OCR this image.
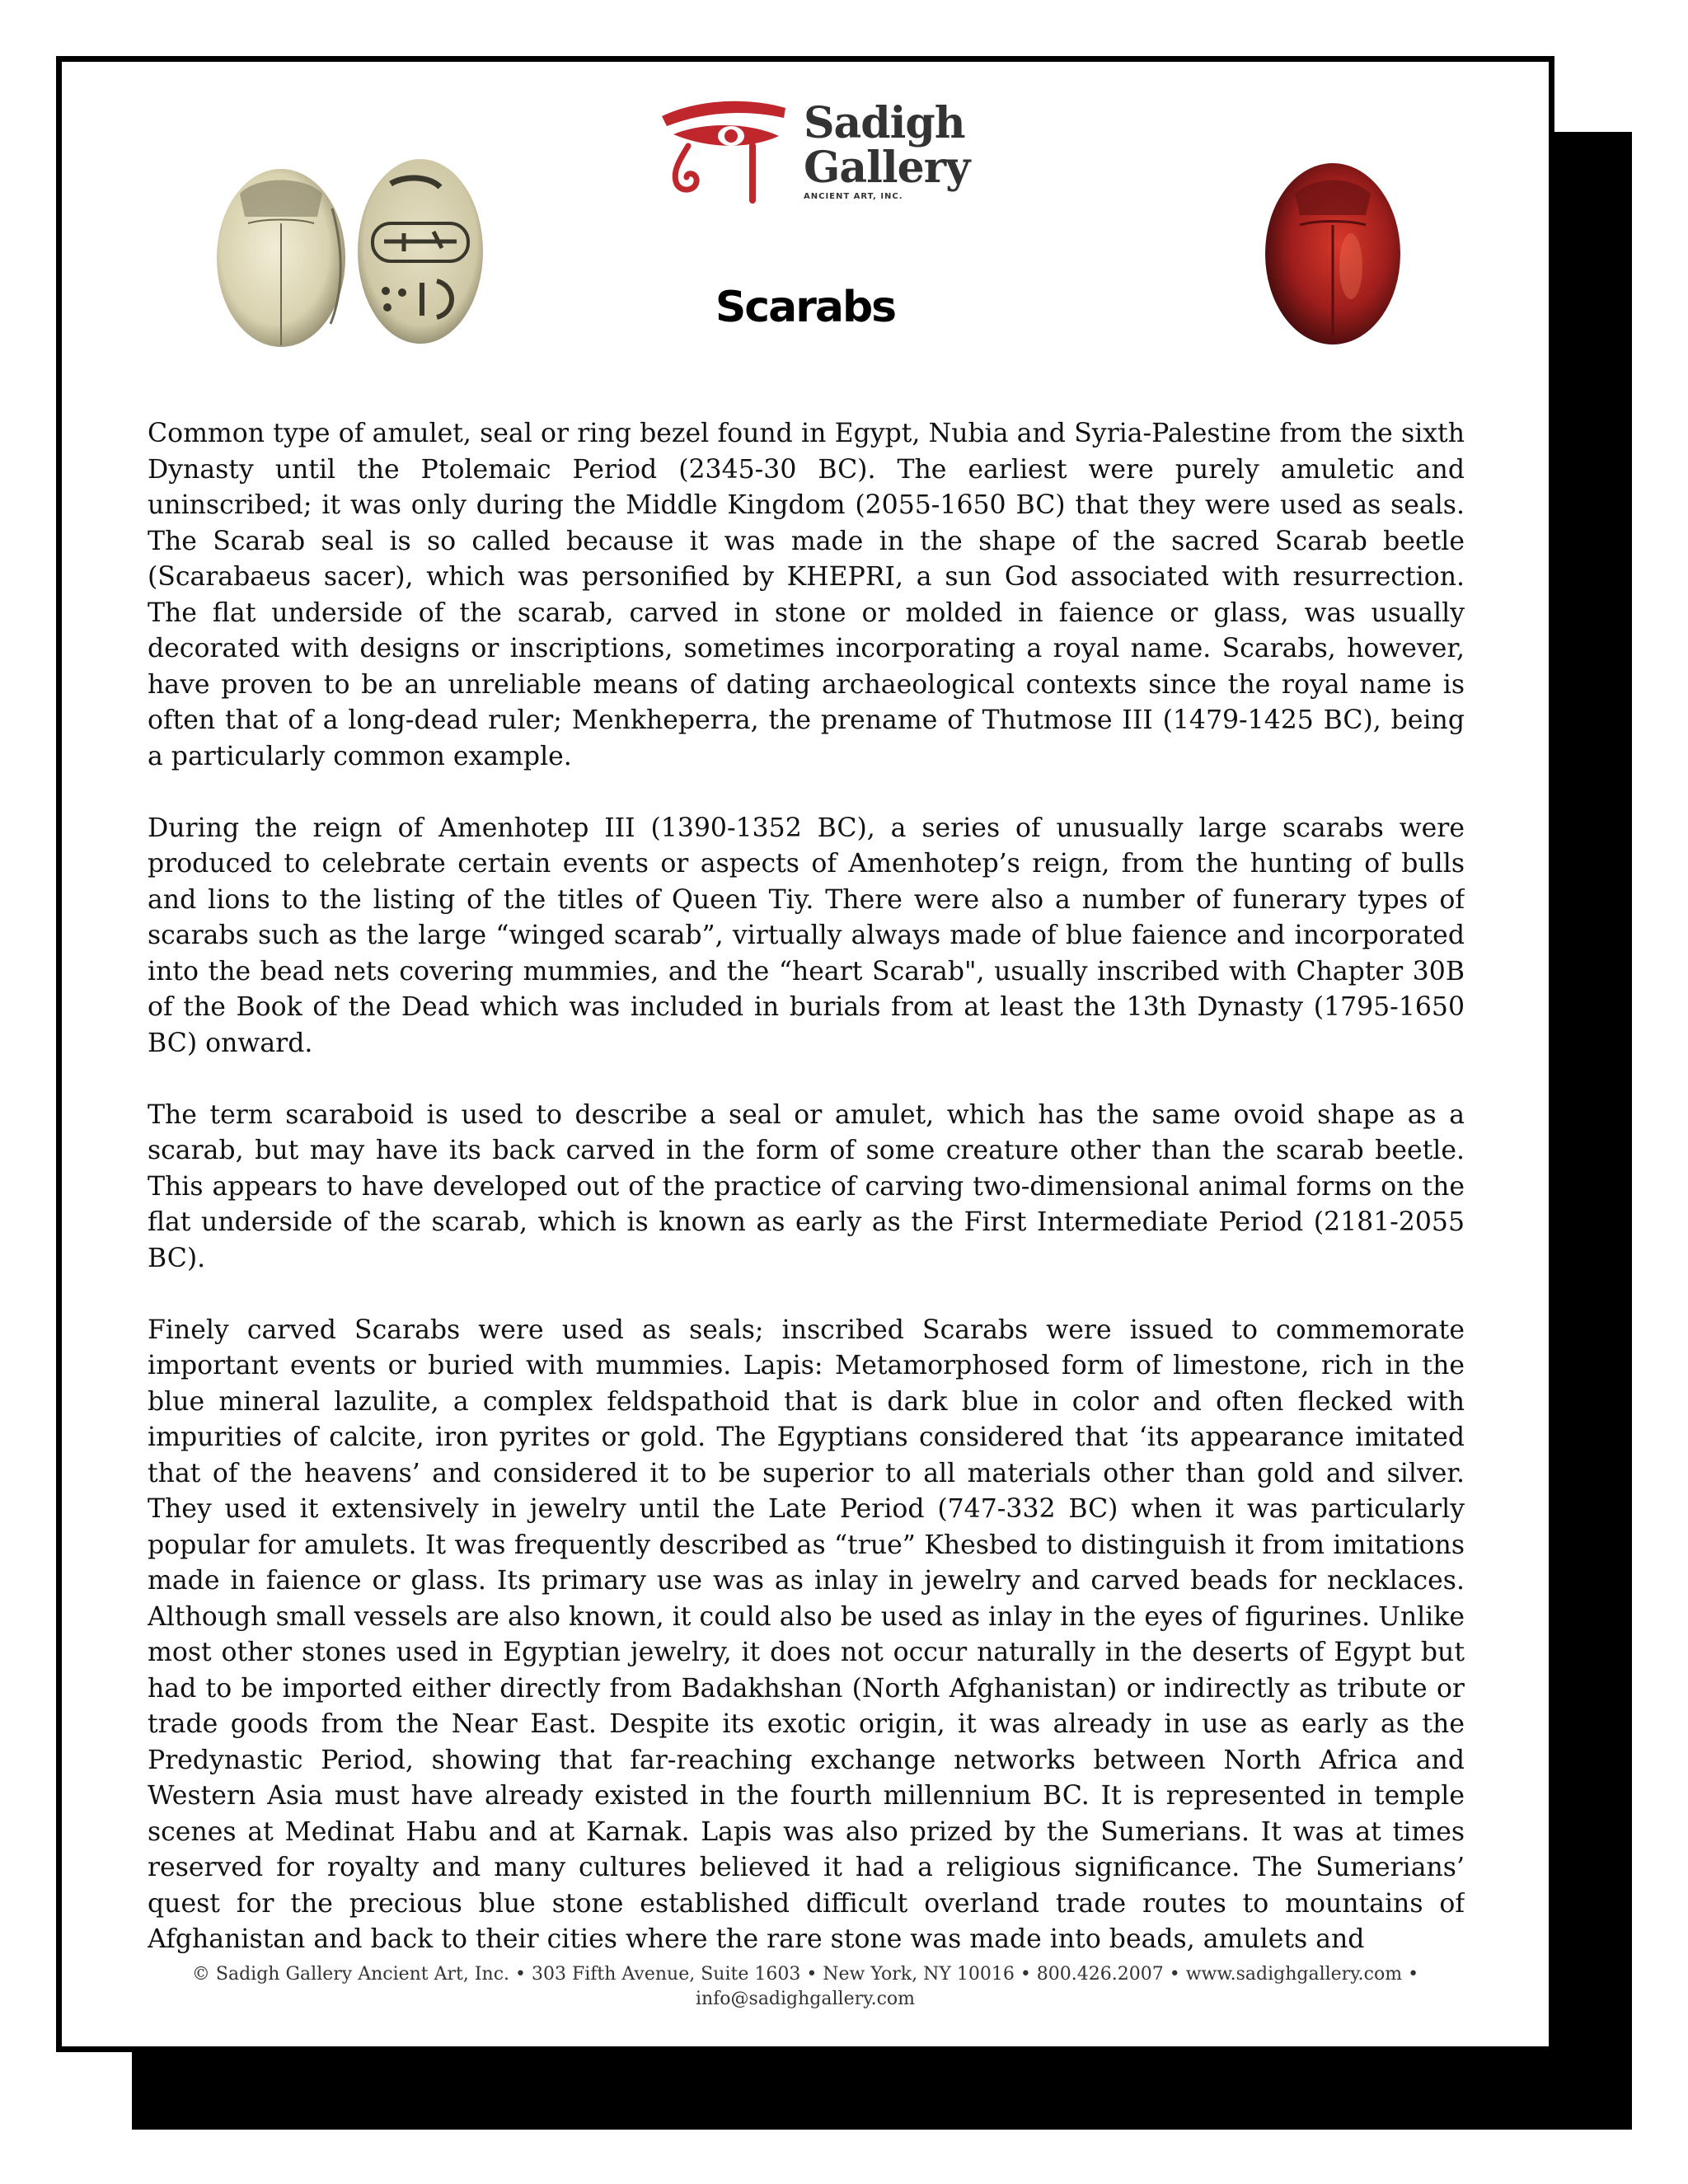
Sadigh
Gallery
ANCIENT ART, INC.
Scarabs

Common type of amulet, seal or ring bezel found in Egypt, Nubia and Syria-Palestine from the sixth Dynasty until the Ptolemaic Period (2345-30 BC). The earliest were purely amuletic and uninscribed; it was only during the Middle Kingdom (2055-1650 BC) that they were used as seals. The Scarab seal is so called because it was made in the shape of the sacred Scarab beetle (Scarabaeus sacer), which was personified by KHEPRI, a sun God associated with resurrection. The flat underside of the scarab, carved in stone or molded in faience or glass, was usually decorated with designs or inscriptions, sometimes incorporating a royal name. Scarabs, however, have proven to be an unreliable means of dating archaeological contexts since the royal name is often that of a long-dead ruler; Menkheperra, the prename of Thutmose III (1479-1425 BC), being a particularly common example.

During the reign of Amenhotep III (1390-1352 BC), a series of unusually large scarabs were produced to celebrate certain events or aspects of Amenhotep’s reign, from the hunting of bulls and lions to the listing of the titles of Queen Tiy. There were also a number of funerary types of scarabs such as the large “winged scarab”, virtually always made of blue faience and incorporated into the bead nets covering mummies, and the “heart Scarab", usually inscribed with Chapter 30B of the Book of the Dead which was included in burials from at least the 13th Dynasty (1795-1650 BC) onward.

The term scaraboid is used to describe a seal or amulet, which has the same ovoid shape as a scarab, but may have its back carved in the form of some creature other than the scarab beetle. This appears to have developed out of the practice of carving two-dimensional animal forms on the flat underside of the scarab, which is known as early as the First Intermediate Period (2181-2055 BC).

Finely carved Scarabs were used as seals; inscribed Scarabs were issued to commemorate important events or buried with mummies. Lapis: Metamorphosed form of limestone, rich in the blue mineral lazulite, a complex feldspathoid that is dark blue in color and often flecked with impurities of calcite, iron pyrites or gold. The Egyptians considered that ‘its appearance imitated that of the heavens’ and considered it to be superior to all materials other than gold and silver. They used it extensively in jewelry until the Late Period (747-332 BC) when it was particularly popular for amulets. It was frequently described as “true” Khesbed to distinguish it from imitations made in faience or glass. Its primary use was as inlay in jewelry and carved beads for necklaces. Although small vessels are also known, it could also be used as inlay in the eyes of figurines. Unlike most other stones used in Egyptian jewelry, it does not occur naturally in the deserts of Egypt but had to be imported either directly from Badakhshan (North Afghanistan) or indirectly as tribute or trade goods from the Near East. Despite its exotic origin, it was already in use as early as the Predynastic Period, showing that far-reaching exchange networks between North Africa and Western Asia must have already existed in the fourth millennium BC. It is represented in temple scenes at Medinat Habu and at Karnak. Lapis was also prized by the Sumerians. It was at times reserved for royalty and many cultures believed it had a religious significance. The Sumerians’ quest for the precious blue stone established difficult overland trade routes to mountains of Afghanistan and back to their cities where the rare stone was made into beads, amulets and

© Sadigh Gallery Ancient Art, Inc. • 303 Fifth Avenue, Suite 1603 • New York, NY 10016 • 800.426.2007 • www.sadighgallery.com •
info@sadighgallery.com
